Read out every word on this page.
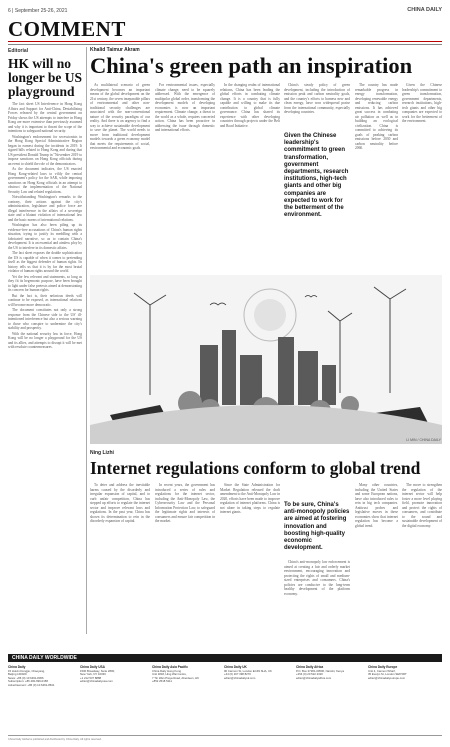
6 | September 25-26, 2021	CHINA DAILY
COMMENT
Editorial
HK will no longer be US playground

The fact sheet US Interference in Hong Kong Affairs and Support for Anti-China, Destabilizing Forces released by the central government on Friday shows the US attempts to interfere in Hong Kong are more extensive than previously assumed and why it is important to thwart the scope of the intentions to safeguard national security.

Washington's endorsement for secessionists in the Hong Kong Special Administrative Region began in earnest during the incidents in 2019. It signed bills related to Hong Kong and during that US president Donald Trump in "November 2019 to impose sanctions on Hong Kong officials during an event to shield the role of the demonstrators.

As the document indicates, the US enacted Hong Kong-related laws to vilify the central government's policy for the SAR, while imposing sanctions on Hong Kong officials in an attempt to obstruct the implementation of the National Security Law and related regulations.

Notwithstanding Washington's remarks to the contrary, their actions against the city's administration, legislature and police force are illegal interference in the affairs of a sovereign state and a blatant violation of international law and the basic norms of international relations.

Washington has also been piling up its evidence-free accusations of China's human rights situation, trying to justify its meddling with a fabricated narrative, so as to contain China's development. It is an essential and aimless ploy by the US to interfere in its domestic affairs.

The fact sheet exposes the double sophistication the US is capable of when it comes to pretending itself as the biggest defender of human rights. Its history tells us that it is by far the most brutal violator of human rights around the world.

Yet the few relevant and statements, so long as they fit its hegemonic purpose, have been brought to light under false pretexts aimed at demonstrating its concern for human rights.

But the fact is, their nefarious deeds will continue to be exposed, as international relations will become more democratic.

The document constitutes not only a strong response from the Chinese side to the US' ill-intentioned interference but also a serious warning to those who conspire to undermine the city's stability and prosperity.

With the national security law in force, Hong Kong will be no longer a playground for the US and its allies, and attempts to disrupt it will be met with resolute countermeasures.

Khalid Taimur Akram
China's green path an inspiration

As multilateral scenario of green development becomes an important means of the global development on the 21st century, the seven inseparable pillars of environmental and other non-traditional security challenges are associated with the non-conventional nature of the security paradigm of our reality. And there is an urgency to find a way to achieve sustainable development to save the planet. The world needs to move from traditional development models towards a green economy model that meets the requirements of social, environmental and economic goals.

For environmental issues, especially climate change, need to be squarely addressed. With the emergence of multipolar global order, transforming the development models of developing economies is now an important requirement. Climate change, a threat to the world as a whole, requires concerted action. China has been proactive in addressing the issue through domestic and international efforts.

In the changing realm of international relations, China has been leading the global efforts in combating climate change. It is a country that is fully capable and willing to make its due contribution to global climate governance. China has shared its experience with other developing countries through projects under the Belt and Road Initiative.

Given the Chinese leadership's commitment to green transformation, government departments, research institutions, high-tech giants and other big companies are expected to work for the betterment of the environment.

China's steady policy of green development, including the introduction of emission peak and carbon neutrality goals, and the country's efforts to harness new and clean energy, have won widespread praise from the international community, especially developing countries.

The country has made remarkable progress in energy transformation, developing renewable energy and reducing carbon emissions. It has achieved great success in combating air pollution as well as in building an ecological civilization. China is committed to achieving its goals of peaking carbon emissions before 2030 and carbon neutrality before 2060.

Given the Chinese leadership's commitment to green transformation, government departments, research institutions, high-tech giants and other big companies are expected to work for the betterment of the environment.

LI MIN / CHINA DAILY
Ning Lizhi
Internet regulations conform to global trend

To deter and address the inevitable harms caused by the disorderly and irregular expansion of capital, and to curb unfair competition, China has stepped up efforts to regulate the internet sector and improve relevant laws and regulations. In the past year, China has shown its determination to rein in the disorderly expansion of capital.

In recent years, the government has introduced a series of rules and regulations for the internet sector, including the Anti-Monopoly Law, the Cybersecurity Law and the Personal Information Protection Law, to safeguard the legitimate rights and interests of consumers and ensure fair competition in the market.

Since the State Administration for Market Regulation released the draft amendment to the Anti-Monopoly Law in 2020, efforts have been made to improve regulation of internet platforms. China is not alone in taking steps to regulate internet giants.

To be sure, China's anti-monopoly policies are aimed at fostering innovation and boosting high-quality economic development.

China's anti-monopoly law enforcement is aimed at creating a fair and orderly market environment, encouraging innovation and protecting the rights of small and medium-sized enterprises and consumers. China's policies are conducive to the long-term healthy development of the platform economy.

Many other countries, including the United States and some European nations, have also introduced rules to rein in big tech companies. Antitrust probes and legislative moves in these economies show that internet regulation has become a global trend.

The move to strengthen the regulation of the internet sector will help foster a more level playing field, promote innovation and protect the rights of consumers, and contribute to the sound and sustainable development of the digital economy.

CHINA DAILY WORLDWIDE
China Daily
15 Huixin Dongjie, Chaoyang,
Beijing 100029
News: +86 (0) 10 6491-8366
Subscription: +86 400-699-0158
Advertisement: +86 (0) 10 6491-8631
China Daily USA
1500 Broadway, Suite 2800,
New York, NY 10036
+1 212 537 8888
editor@chinadailyusa.com
China Daily Asia Pacific
China Daily Hong Kong
Unit 1818, Hing Wai Centre,
7 Tin Wan Praya Road, Aberdeen, HK
+852 2518 5111
China Daily UK
90 Cannon St, London EC4N 6HA, UK
+44 (0) 207 398 8270
editor@chinadailyuk.com
China Daily Africa
P.O. Box 27281-00506, Nairobi, Kenya
+254 (0) 20 522 2320
editor@chinadailyafrica.com
China Daily Europe
Unit 4, Cannon Wharf,
35 Evelyn St, London SE8 5RT
editor@chinadailyeurope.com
China Daily Global is published and distributed by China Daily. All rights reserved.
